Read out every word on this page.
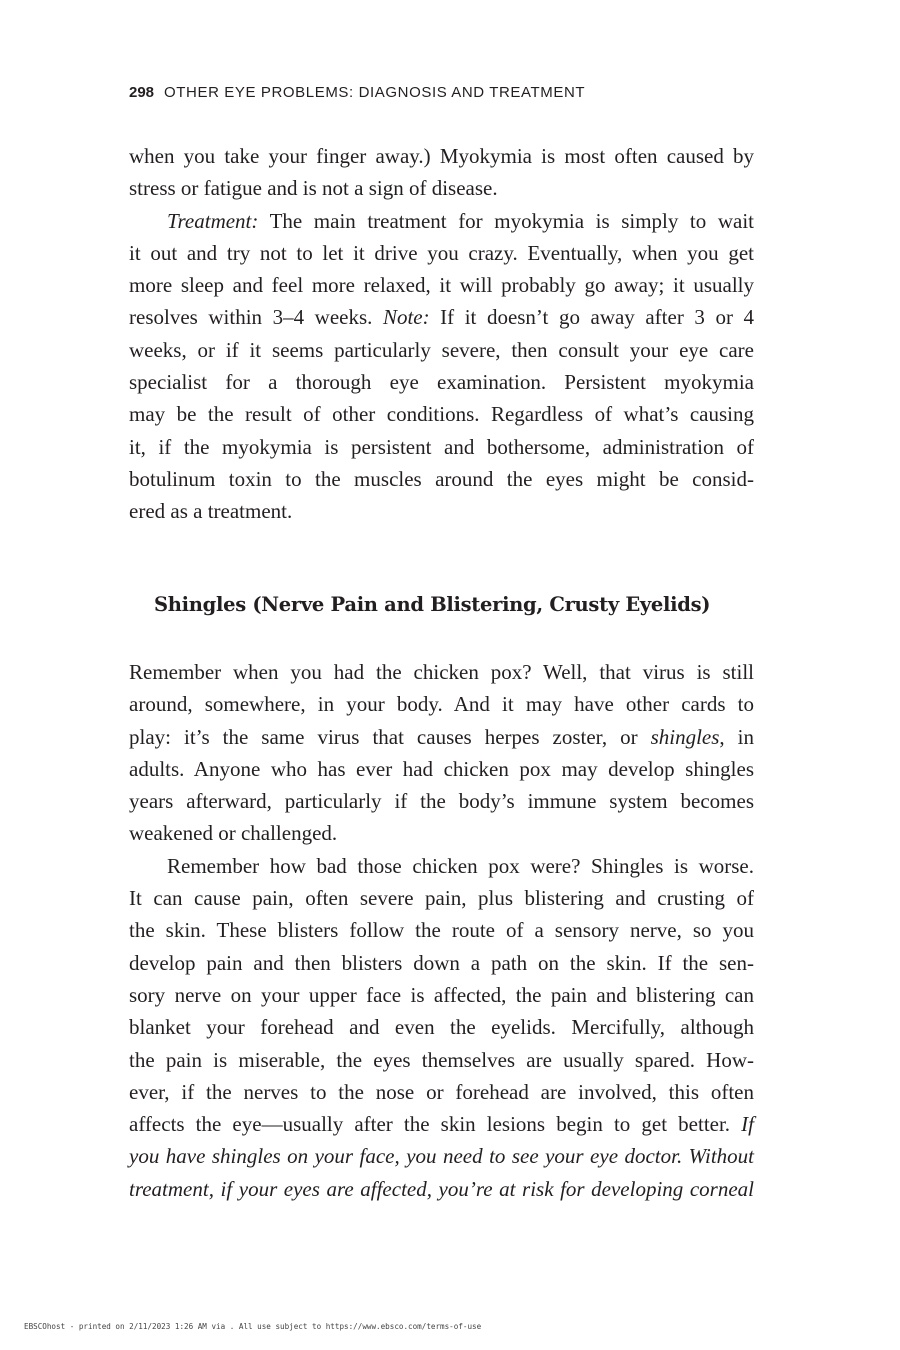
298 OTHER EYE PROBLEMS: DIAGNOSIS AND TREATMENT
when you take your finger away.) Myokymia is most often caused by
stress or fatigue and is not a sign of disease.
Treatment: The main treatment for myokymia is simply to wait
it out and try not to let it drive you crazy. Eventually, when you get
more sleep and feel more relaxed, it will probably go away; it usually
resolves within 3–4 weeks. Note: If it doesn’t go away after 3 or 4
weeks, or if it seems particularly severe, then consult your eye care
specialist for a thorough eye examination. Persistent myokymia
may be the result of other conditions. Regardless of what’s causing
it, if the myokymia is persistent and bothersome, administration of
botulinum toxin to the muscles around the eyes might be consid-
ered as a treatment.
Shingles (Nerve Pain and Blistering, Crusty Eyelids)
Remember when you had the chicken pox? Well, that virus is still
around, somewhere, in your body. And it may have other cards to
play: it’s the same virus that causes herpes zoster, or shingles, in
adults. Anyone who has ever had chicken pox may develop shingles
years afterward, particularly if the body’s immune system becomes
weakened or challenged.
Remember how bad those chicken pox were? Shingles is worse.
It can cause pain, often severe pain, plus blistering and crusting of
the skin. These blisters follow the route of a sensory nerve, so you
develop pain and then blisters down a path on the skin. If the sen-
sory nerve on your upper face is affected, the pain and blistering can
blanket your forehead and even the eyelids. Mercifully, although
the pain is miserable, the eyes themselves are usually spared. How-
ever, if the nerves to the nose or forehead are involved, this often
affects the eye—usually after the skin lesions begin to get better. If
you have shingles on your face, you need to see your eye doctor. Without
treatment, if your eyes are affected, you’re at risk for developing corneal
EBSCOhost - printed on 2/11/2023 1:26 AM via . All use subject to https://www.ebsco.com/terms-of-use
